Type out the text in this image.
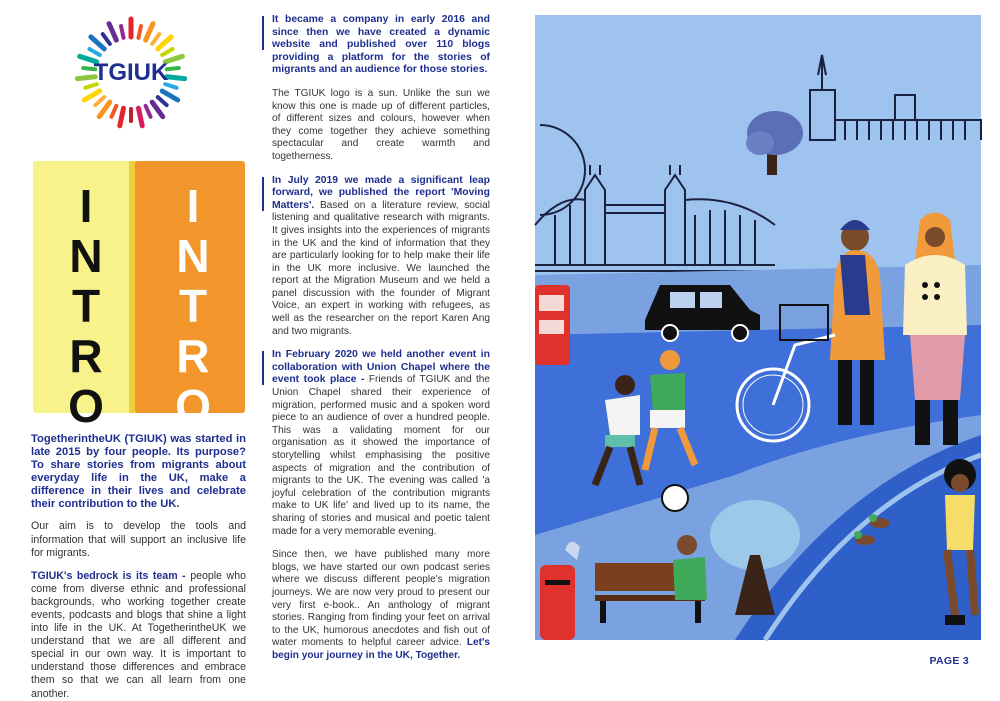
TGIUK
I
N
T
R
O
I
N
T
R
O

TogetherintheUK (TGIUK) was started in late 2015 by four people. Its purpose? To share stories from migrants about everyday life in the UK, make a difference in their lives and celebrate their contribution to the UK.

Our aim is to develop the tools and information that will support an inclusive life for migrants.

TGIUK's bedrock is its team - people who come from diverse ethnic and professional backgrounds, who working together create events, podcasts and blogs that shine a light into life in the UK. At TogetherintheUK we understand that we are all different and special in our own way. It is important to understand those differences and embrace them so that we can all learn from one another.

It became a company in early 2016 and since then we have created a dynamic website and published over 110 blogs providing a platform for the stories of migrants and an audience for those stories.

The TGIUK logo is a sun. Unlike the sun we know this one is made up of different particles, of different sizes and colours, however when they come together they achieve something spectacular and create warmth and togetherness.

In July 2019 we made a significant leap forward, we published the report 'Moving Matters'. Based on a literature review, social listening and qualitative research with migrants. It gives insights into the experiences of migrants in the UK and the kind of information that they are particularly looking for to help make their life in the UK more inclusive. We launched the report at the Migration Museum and we held a panel discussion with the founder of Migrant Voice, an expert in working with refugees, as well as the researcher on the report Karen Ang and two migrants.

In February 2020 we held another event in collaboration with Union Chapel where the event took place - Friends of TGIUK and the Union Chapel shared their experience of migration, performed music and a spoken word piece to an audience of over a hundred people. This was a validating moment for our organisation as it showed the importance of storytelling whilst emphasising the positive aspects of migration and the contribution of migrants to the UK. The evening was called 'a joyful celebration of the contribution migrants make to UK life' and lived up to its name, the sharing of stories and musical and poetic talent made for a very memorable evening.

Since then, we have published many more blogs, we have started our own podcast series where we discuss different people's migration journeys. We are now very proud to present our very first e-book.. An anthology of migrant stories. Ranging from finding your feet on arrival to the UK, humorous anecdotes and fish out of water moments to helpful career advice. Let's begin your journey in the UK, Together.	PAGE 3
